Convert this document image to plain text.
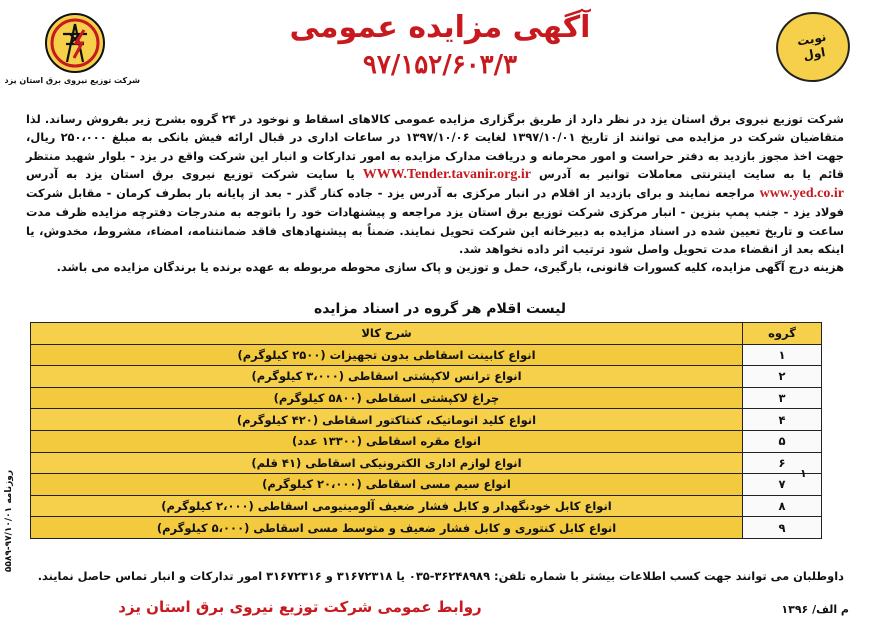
نوبت
اول
شرکت توزیع نیروی برق استان یزد
آگهی مزایده عمومی
۹۷/۱۵۲/۶۰۳/۳

شرکت توزیع نیروی برق استان یزد در نظر دارد از طریق برگزاری مزایده عمومی کالاهای اسقاط و نوخود در ۲۴ گروه بشرح زیر بفروش رساند. لذا متقاضیان شرکت در مزایده می توانند از تاریخ ۱۳۹۷/۱۰/۰۱ لغایت ۱۳۹۷/۱۰/۰۶ در ساعات اداری در قبال ارائه فیش بانکی به مبلغ ۲۵۰،۰۰۰ ریال، جهت اخذ مجوز بازدید به دفتر حراست و امور محرمانه و دریافت مدارک مزایده به امور تدارکات و انبار این شرکت واقع در یزد - بلوار شهید منتظر قائم یا به سایت اینترنتی معاملات توانیر به آدرس WWW.Tender.tavanir.org.ir یا سایت شرکت توزیع نیروی برق استان یزد به آدرس www.yed.co.ir مراجعه نمایند و برای بازدید از اقلام در انبار مرکزی به آدرس یزد - جاده کنار گذر - بعد از پایانه بار بطرف کرمان - مقابل شرکت فولاد یزد - جنب پمپ بنزین - انبار مرکزی شرکت توزیع برق استان یزد مراجعه و پیشنهادات خود را باتوجه به مندرجات دفترچه مزایده ظرف مدت ساعت و تاریخ تعیین شده در اسناد مزایده به دبیرخانه این شرکت تحویل نمایند. ضمناً به پیشنهادهای فاقد ضمانتنامه، امضاء، مشروط، مخدوش، یا اینکه بعد از انقضاء مدت تحویل واصل شود ترتیب اثر داده نخواهد شد.

هزینه درج آگهی مزایده، کلیه کسورات قانونی، بارگیری، حمل و توزین و پاک سازی محوطه مربوطه به عهده برنده یا برندگان مزایده می باشد.

لیست اقلام هر گروه در اسناد مزایده
گروه	شرح کالا
۱	انواع کابینت اسقاطی بدون تجهیزات (۲۵۰۰ کیلوگرم)
۲	انواع ترانس لاکپشتی اسقاطی (۳،۰۰۰ کیلوگرم)
۳	چراغ لاکپشتی اسقاطی (۵۸۰۰ کیلوگرم)
۴	انواع کلید اتوماتیک، کنتاکتور اسقاطی (۴۲۰ کیلوگرم)
۵	انواع مقره اسقاطی (۱۳۳۰۰ عدد)
۶	انواع لوازم اداری الکترونیکی اسقاطی (۴۱ قلم)
۷	انواع سیم مسی اسقاطی (۲۰،۰۰۰ کیلوگرم)
۸	انواع کابل خودنگهدار و کابل فشار ضعیف آلومینیومی اسقاطی (۲،۰۰۰ کیلوگرم)
۹	انواع کابل کنتوری و کابل فشار ضعیف و متوسط مسی اسقاطی (۵،۰۰۰ کیلوگرم)
۱
داوطلبان می توانند جهت کسب اطلاعات بیشتر با شماره تلفن: ۳۶۲۴۸۹۸۹-۰۳۵ یا ۳۱۶۷۲۳۱۸ و ۳۱۶۷۲۳۱۶ امور تدارکات و انبار تماس حاصل نمایند.
م الف/ ۱۳۹۶
روابط عمومی شرکت توزیع نیروی برق استان یزد
روزنامه ۹۷/۱۰/۰۱-۵۵۸۹
